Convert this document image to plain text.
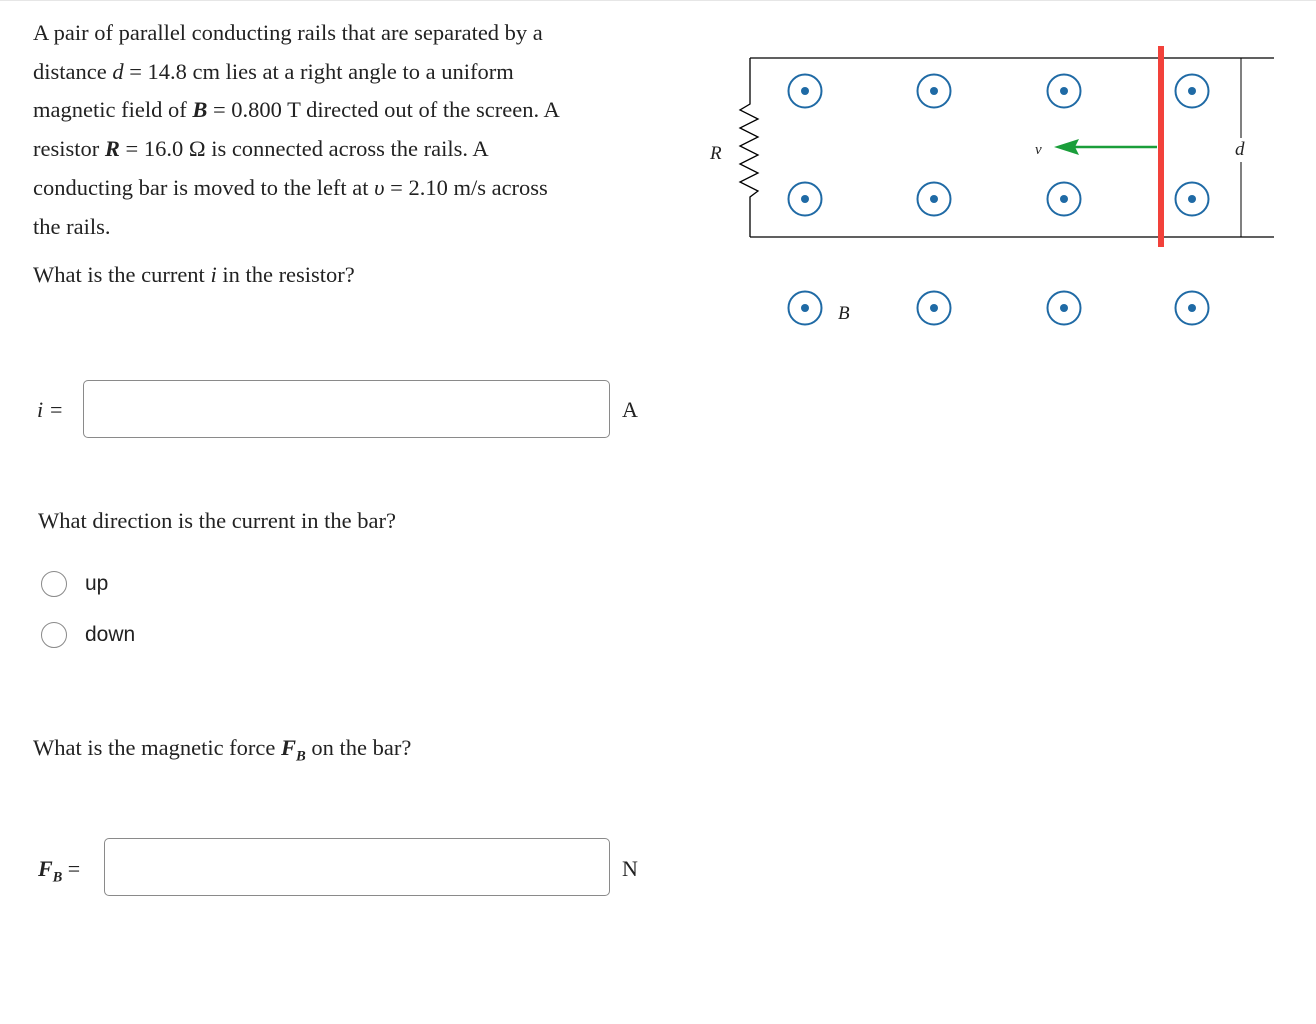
A pair of parallel conducting rails that are separated by a

distance d = 14.8 cm lies at a right angle to a uniform

magnetic field of B = 0.800 T directed out of the screen. A

resistor R = 16.0 Ω is connected across the rails. A

conducting bar is moved to the left at υ = 2.10 m/s across

the rails.

What is the current i in the resistor?
i =	A
What direction is the current in the bar?
up
down
What is the magnetic force $F_B$ on the bar?
$F_B$ =	N
R	d
B
v
